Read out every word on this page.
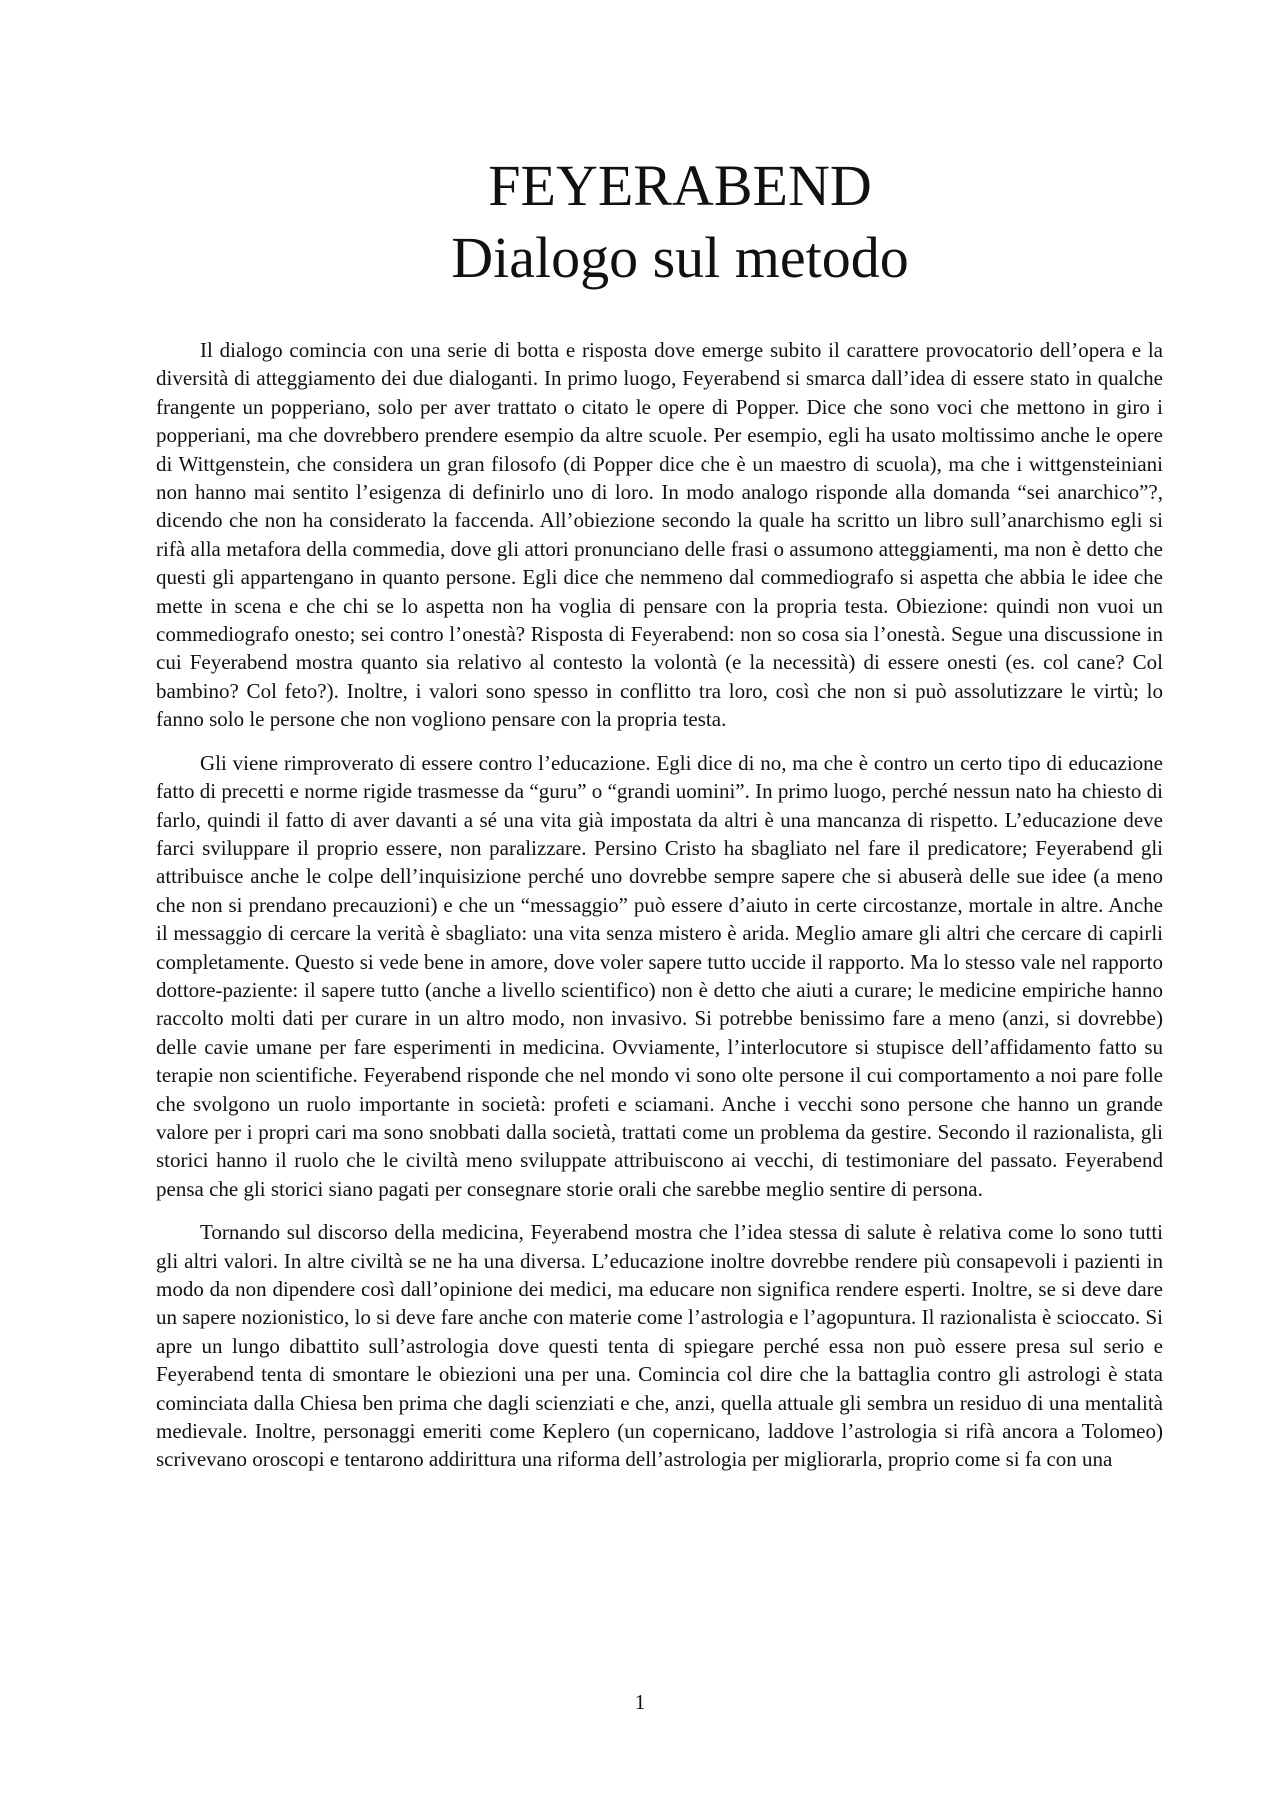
FEYERABEND
Dialogo sul metodo

Il dialogo comincia con una serie di botta e risposta dove emerge subito il carattere provocatorio dell’opera e la diversità di atteggiamento dei due dialoganti. In primo luogo, Feyerabend si smarca dall’idea di essere stato in qualche frangente un popperiano, solo per aver trattato o citato le opere di Popper. Dice che sono voci che mettono in giro i popperiani, ma che dovrebbero prendere esempio da altre scuole. Per esempio, egli ha usato moltissimo anche le opere di Wittgenstein, che considera un gran filosofo (di Popper dice che è un maestro di scuola), ma che i wittgensteiniani non hanno mai sentito l’esigenza di definirlo uno di loro. In modo analogo risponde alla domanda “sei anarchico”?, dicendo che non ha considerato la faccenda. All’obiezione secondo la quale ha scritto un libro sull’anarchismo egli si rifà alla metafora della commedia, dove gli attori pronunciano delle frasi o assumono atteggiamenti, ma non è detto che questi gli appartengano in quanto persone. Egli dice che nemmeno dal commediografo si aspetta che abbia le idee che mette in scena e che chi se lo aspetta non ha voglia di pensare con la propria testa. Obiezione: quindi non vuoi un commediografo onesto; sei contro l’onestà? Risposta di Feyerabend: non so cosa sia l’onestà. Segue una discussione in cui Feyerabend mostra quanto sia relativo al contesto la volontà (e la necessità) di essere onesti (es. col cane? Col bambino? Col feto?). Inoltre, i valori sono spesso in conflitto tra loro, così che non si può assolutizzare le virtù; lo fanno solo le persone che non vogliono pensare con la propria testa.

Gli viene rimproverato di essere contro l’educazione. Egli dice di no, ma che è contro un certo tipo di educazione fatto di precetti e norme rigide trasmesse da “guru” o “grandi uomini”. In primo luogo, perché nessun nato ha chiesto di farlo, quindi il fatto di aver davanti a sé una vita già impostata da altri è una mancanza di rispetto. L’educazione deve farci sviluppare il proprio essere, non paralizzare. Persino Cristo ha sbagliato nel fare il predicatore; Feyerabend gli attribuisce anche le colpe dell’inquisizione perché uno dovrebbe sempre sapere che si abuserà delle sue idee (a meno che non si prendano precauzioni) e che un “messaggio” può essere d’aiuto in certe circostanze, mortale in altre. Anche il messaggio di cercare la verità è sbagliato: una vita senza mistero è arida. Meglio amare gli altri che cercare di capirli completamente. Questo si vede bene in amore, dove voler sapere tutto uccide il rapporto. Ma lo stesso vale nel rapporto dottore-paziente: il sapere tutto (anche a livello scientifico) non è detto che aiuti a curare; le medicine empiriche hanno raccolto molti dati per curare in un altro modo, non invasivo. Si potrebbe benissimo fare a meno (anzi, si dovrebbe) delle cavie umane per fare esperimenti in medicina. Ovviamente, l’interlocutore si stupisce dell’affidamento fatto su terapie non scientifiche. Feyerabend risponde che nel mondo vi sono olte persone il cui comportamento a noi pare folle che svolgono un ruolo importante in società: profeti e sciamani. Anche i vecchi sono persone che hanno un grande valore per i propri cari ma sono snobbati dalla società, trattati come un problema da gestire. Secondo il razionalista, gli storici hanno il ruolo che le civiltà meno sviluppate attribuiscono ai vecchi, di testimoniare del passato. Feyerabend pensa che gli storici siano pagati per consegnare storie orali che sarebbe meglio sentire di persona.

Tornando sul discorso della medicina, Feyerabend mostra che l’idea stessa di salute è relativa come lo sono tutti gli altri valori. In altre civiltà se ne ha una diversa. L’educazione inoltre dovrebbe rendere più consapevoli i pazienti in modo da non dipendere così dall’opinione dei medici, ma educare non significa rendere esperti. Inoltre, se si deve dare un sapere nozionistico, lo si deve fare anche con materie come l’astrologia e l’agopuntura. Il razionalista è scioccato. Si apre un lungo dibattito sull’astrologia dove questi tenta di spiegare perché essa non può essere presa sul serio e Feyerabend tenta di smontare le obiezioni una per una. Comincia col dire che la battaglia contro gli astrologi è stata cominciata dalla Chiesa ben prima che dagli scienziati e che, anzi, quella attuale gli sembra un residuo di una mentalità medievale. Inoltre, personaggi emeriti come Keplero (un copernicano, laddove l’astrologia si rifà ancora a Tolomeo) scrivevano oroscopi e tentarono addirittura una riforma dell’astrologia per migliorarla, proprio come si fa con una

1
